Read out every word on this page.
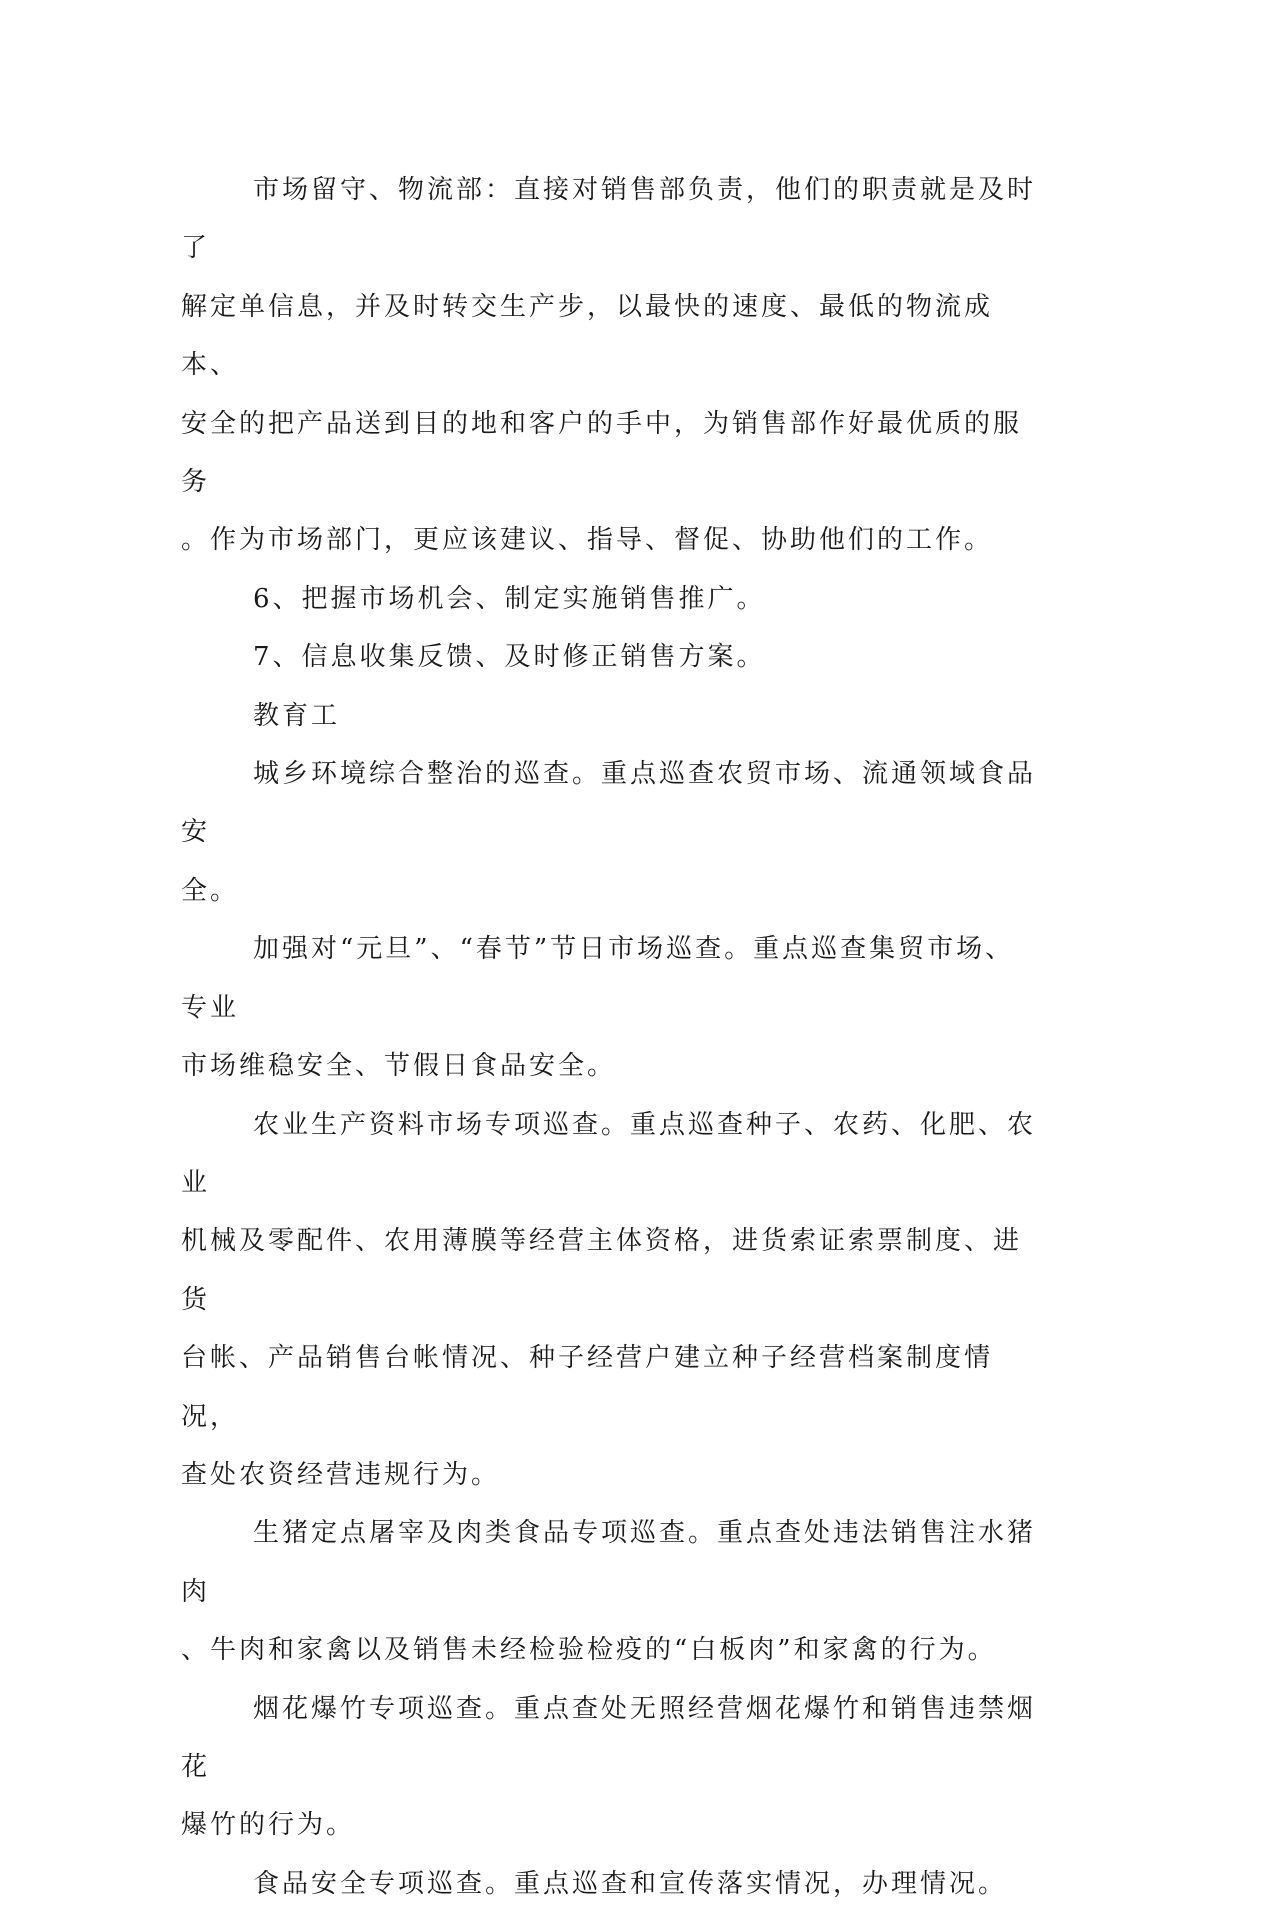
市场留守、物流部：直接对销售部负责，他们的职责就是及时了
解定单信息，并及时转交生产步，以最快的速度、最低的物流成本、
安全的把产品送到目的地和客户的手中，为销售部作好最优质的服务
。作为市场部门，更应该建议、指导、督促、协助他们的工作。

6、把握市场机会、制定实施销售推广。

7、信息收集反馈、及时修正销售方案。

教育工

城乡环境综合整治的巡查。重点巡查农贸市场、流通领域食品安
全。

加强对“元旦”、“春节”节日市场巡查。重点巡查集贸市场、专业
市场维稳安全、节假日食品安全。

农业生产资料市场专项巡查。重点巡查种子、农药、化肥、农业
机械及零配件、农用薄膜等经营主体资格，进货索证索票制度、进货
台帐、产品销售台帐情况、种子经营户建立种子经营档案制度情况，
查处农资经营违规行为。

生猪定点屠宰及肉类食品专项巡查。重点查处违法销售注水猪肉
、牛肉和家禽以及销售未经检验检疫的“白板肉”和家禽的行为。

烟花爆竹专项巡查。重点查处无照经营烟花爆竹和销售违禁烟花
爆竹的行为。

食品安全专项巡查。重点巡查和宣传落实情况，办理情况。
